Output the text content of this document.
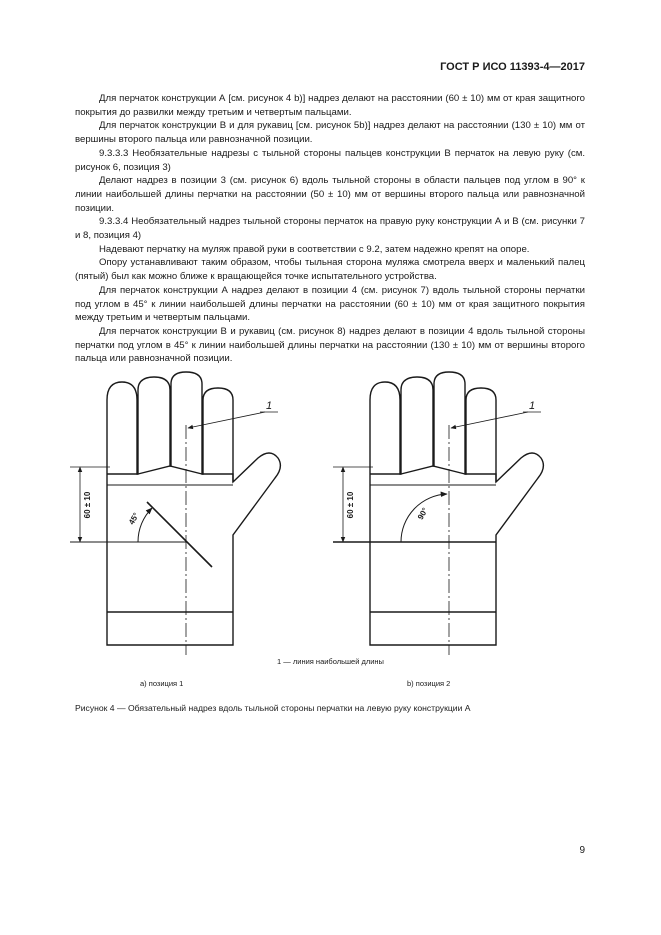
ГОСТ Р ИСО 11393-4—2017

Для перчаток конструкции А [см. рисунок 4 b)] надрез делают на расстоянии (60 ± 10) мм от края защитного покрытия до развилки между третьим и четвертым пальцами.

Для перчаток конструкции В и для рукавиц [см. рисунок 5b)] надрез делают на расстоянии (130 ± 10) мм от вершины второго пальца или равнозначной позиции.

9.3.3.3 Необязательные надрезы с тыльной стороны пальцев конструкции В перчаток на левую руку (см. рисунок 6, позиция 3)

Делают надрез в позиции 3 (см. рисунок 6) вдоль тыльной стороны в области пальцев под углом в 90° к линии наибольшей длины перчатки на расстоянии (50 ± 10) мм от вершины второго пальца или равнозначной позиции.

9.3.3.4 Необязательный надрез тыльной стороны перчаток на правую руку конструкции А и В (см. рисунки 7 и 8, позиция 4)

Надевают перчатку на муляж правой руки в соответствии с 9.2, затем надежно крепят на опоре.

Опору устанавливают таким образом, чтобы тыльная сторона муляжа смотрела вверх и маленький палец (пятый) был как можно ближе к вращающейся точке испытательного устройства.

Для перчаток конструкции А надрез делают в позиции 4 (см. рисунок 7) вдоль тыльной стороны перчатки под углом в 45° к линии наибольшей длины перчатки на расстоянии (60 ± 10) мм от края защитного покрытия между третьим и четвертым пальцами.

Для перчаток конструкции В и рукавиц (см. рисунок 8) надрез делают в позиции 4 вдоль тыльной стороны перчатки под углом в 45° к линии наибольшей длины перчатки на расстоянии (130 ± 10) мм от вершины второго пальца или равнозначной позиции.

1
60 ± 10
45°
1
60 ± 10	90°
1 — линия наибольшей длины
а) позиция 1	b) позиция 2
Рисунок 4 — Обязательный надрез вдоль тыльной стороны перчатки на левую руку конструкции А
9
